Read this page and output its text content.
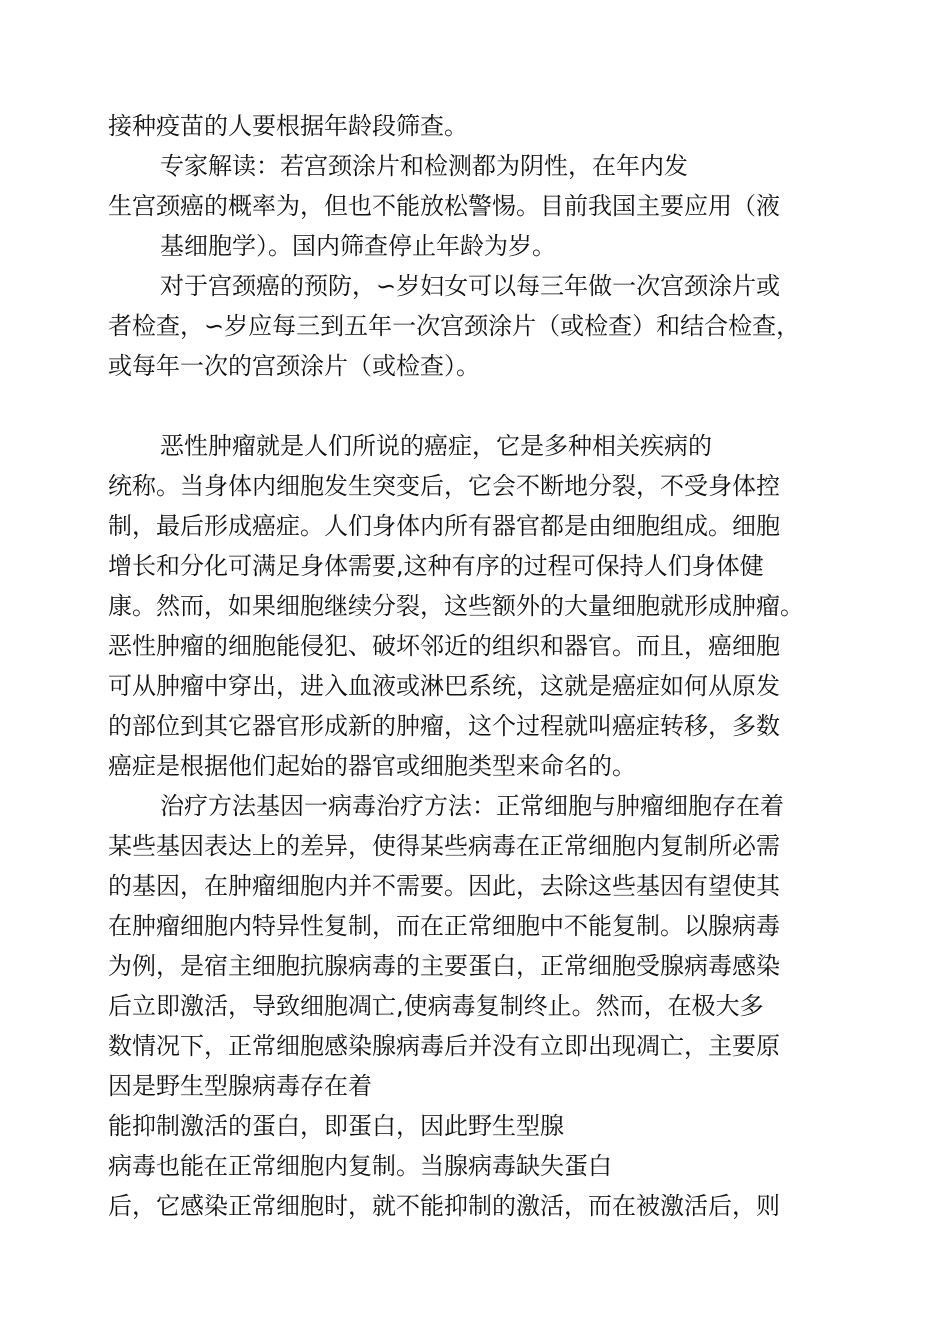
接种疫苗的人要根据年龄段筛查。
专家解读：若宫颈涂片和检测都为阴性，在年内发
生宫颈癌的概率为，但也不能放松警惕。目前我国主要应用（液
基细胞学）。国内筛查停止年龄为岁。
对于宫颈癌的预防，∽岁妇女可以每三年做一次宫颈涂片或
者检查，∽岁应每三到五年一次宫颈涂片（或检查）和结合检查，
或每年一次的宫颈涂片（或检查）。
恶性肿瘤就是人们所说的癌症，它是多种相关疾病的
统称。当身体内细胞发生突变后，它会不断地分裂，不受身体控
制，最后形成癌症。人们身体内所有器官都是由细胞组成。细胞
增长和分化可满足身体需要,这种有序的过程可保持人们身体健
康。然而，如果细胞继续分裂，这些额外的大量细胞就形成肿瘤。
恶性肿瘤的细胞能侵犯、破坏邻近的组织和器官。而且，癌细胞
可从肿瘤中穿出，进入血液或淋巴系统，这就是癌症如何从原发
的部位到其它器官形成新的肿瘤，这个过程就叫癌症转移，多数
癌症是根据他们起始的器官或细胞类型来命名的。
治疗方法基因一病毒治疗方法：正常细胞与肿瘤细胞存在着
某些基因表达上的差异，使得某些病毒在正常细胞内复制所必需
的基因，在肿瘤细胞内并不需要。因此，去除这些基因有望使其
在肿瘤细胞内特异性复制，而在正常细胞中不能复制。以腺病毒
为例，是宿主细胞抗腺病毒的主要蛋白，正常细胞受腺病毒感染
后立即激活，导致细胞凋亡,使病毒复制终止。然而，在极大多
数情况下，正常细胞感染腺病毒后并没有立即出现凋亡，主要原
因是野生型腺病毒存在着
能抑制激活的蛋白，即蛋白，因此野生型腺
病毒也能在正常细胞内复制。当腺病毒缺失蛋白
后，它感染正常细胞时，就不能抑制的激活，而在被激活后，则
